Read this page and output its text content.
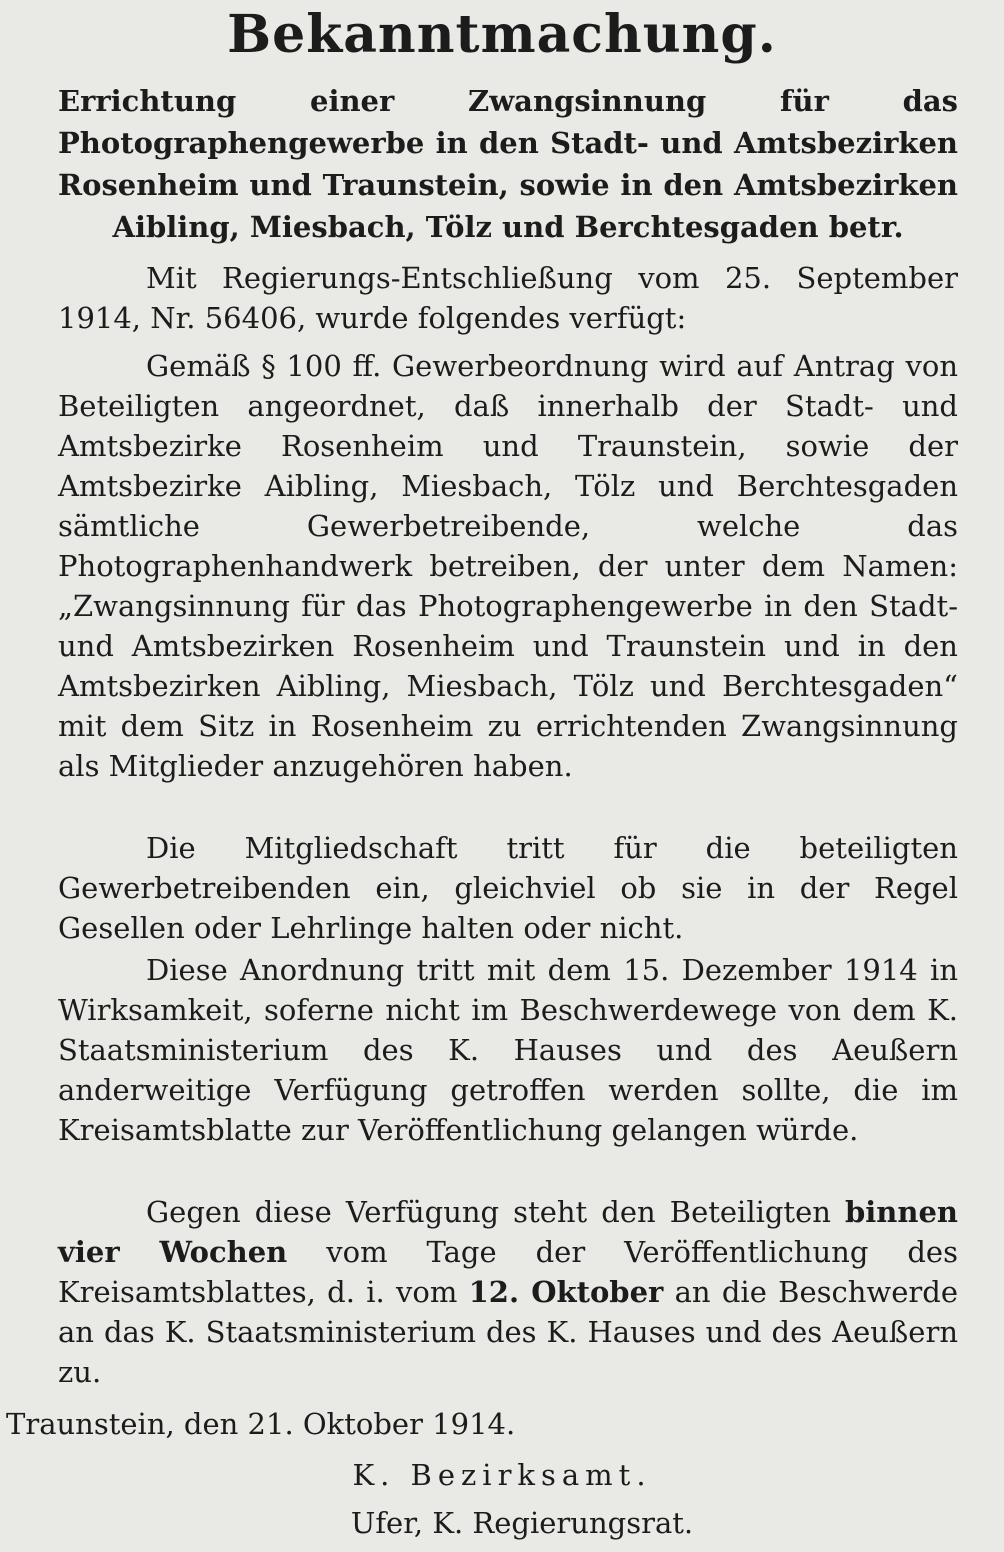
Bekanntmachung.

Errichtung einer Zwangsinnung für das Photographengewerbe in den Stadt- und Amtsbezirken Rosenheim und Traunstein, sowie in den Amtsbezirken Aibling, Miesbach, Tölz und Berchtesgaden betr.

Mit Regierungs-Entschließung vom 25. September 1914, Nr. 56406, wurde folgendes verfügt:

Gemäß § 100 ff. Gewerbeordnung wird auf Antrag von Beteiligten angeordnet, daß innerhalb der Stadt- und Amtsbezirke Rosenheim und Traunstein, sowie der Amtsbezirke Aibling, Miesbach, Tölz und Berchtesgaden sämtliche Gewerbetreibende, welche das Photographenhandwerk betreiben, der unter dem Namen: „Zwangsinnung für das Photographengewerbe in den Stadt- und Amtsbezirken Rosenheim und Traunstein und in den Amtsbezirken Aibling, Miesbach, Tölz und Berchtesgaden“ mit dem Sitz in Rosenheim zu errichtenden Zwangsinnung als Mitglieder anzugehören haben.

Die Mitgliedschaft tritt für die beteiligten Gewerbetreibenden ein, gleichviel ob sie in der Regel Gesellen oder Lehrlinge halten oder nicht.

Diese Anordnung tritt mit dem 15. Dezember 1914 in Wirksamkeit, soferne nicht im Beschwerdewege von dem K. Staatsministerium des K. Hauses und des Aeußern anderweitige Verfügung getroffen werden sollte, die im Kreisamtsblatte zur Veröffentlichung gelangen würde.

Gegen diese Verfügung steht den Beteiligten binnen vier Wochen vom Tage der Veröffentlichung des Kreisamtsblattes, d. i. vom 12. Oktober an die Beschwerde an das K. Staatsministerium des K. Hauses und des Aeußern zu.

Traunstein, den 21. Oktober 1914.

K. Bezirksamt.

Ufer, K. Regierungsrat.
